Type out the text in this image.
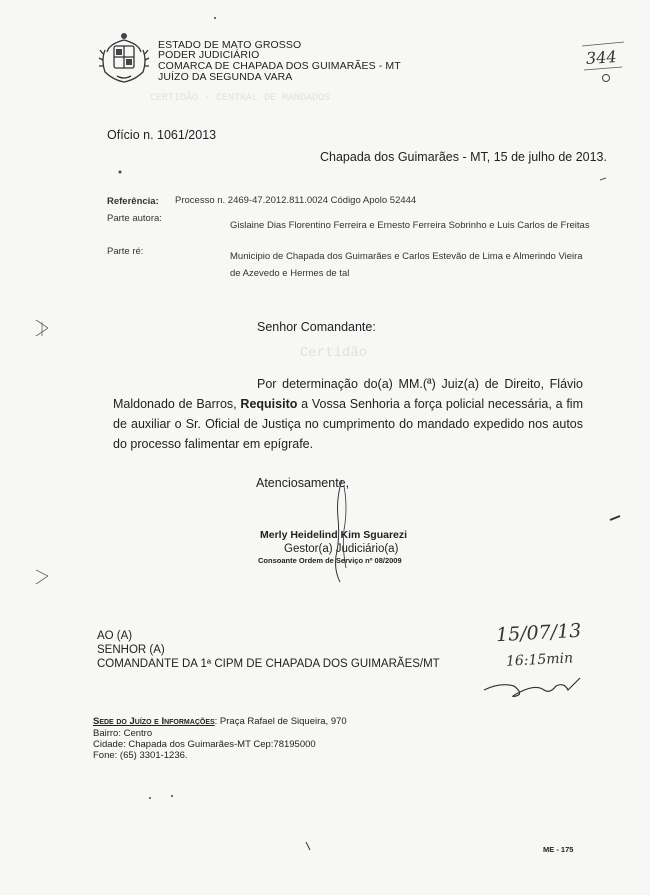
ESTADO DE MATO GROSSO
PODER JUDICIÁRIO
COMARCA DE CHAPADA DOS GUIMARÃES - MT
JUÍZO DA SEGUNDA VARA
344
CERTIDÃO · CENTRAL DE MANDADOS
Certidão
Ofício n. 1061/2013
Chapada dos Guimarães - MT, 15 de julho de 2013.
Referência: Processo n. 2469-47.2012.811.0024 Código Apolo 52444
Parte autora:
Gislaine Dias Florentino Ferreira e Ernesto Ferreira Sobrinho e Luis Carlos de Freitas
Parte ré:	Municipio de Chapada dos Guimarães e Carlos Estevão de Lima e Almerindo Vieira de Azevedo e Hermes de tal
Senhor Comandante:
Por determinação do(a) MM.(ª) Juiz(a) de Direito, Flávio Maldonado de Barros, Requisito a Vossa Senhoria a força policial necessária, a fim de auxiliar o Sr. Oficial de Justiça no cumprimento do mandado expedido nos autos do processo falimentar em epígrafe.
Atenciosamente,
Merly Heidelind Kim Sguarezi
Gestor(a) Judiciário(a)
Consoante Ordem de Serviço nº 08/2009
AO (A)
SENHOR (A)
COMANDANTE DA 1ª CIPM DE CHAPADA DOS GUIMARÃES/MT
15/07/13
16:15min
Sede do Juízo e Informações: Praça Rafael de Siqueira, 970
Bairro: Centro
Cidade: Chapada dos Guimarães-MT Cep:78195000
Fone: (65) 3301-1236.
ME - 175
